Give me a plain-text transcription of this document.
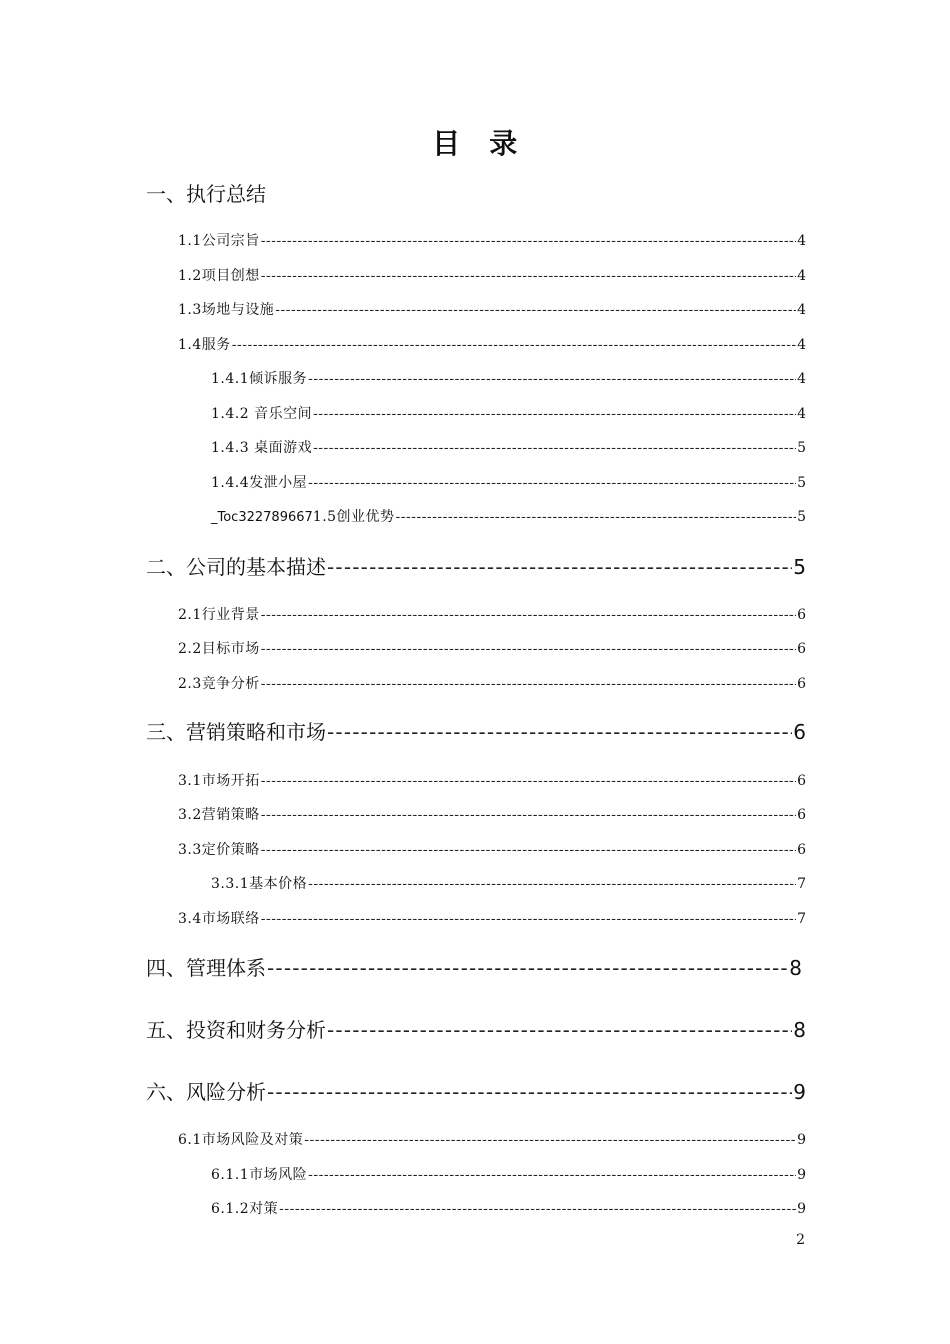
目　录
一、执行总结
1.1公司宗旨 -----	4
1.2项目创想 -----	4
1.3场地与设施 -----	4
1.4服务 -----	4
1.4.1倾诉服务 -----	4
1.4.2 音乐空间 -----	4
1.4.3 桌面游戏 -----	5
1.4.4发泄小屋 -----	5
_Toc3227896671.5创业优势 -----	5
二、公司的基本描述 -----	5
2.1行业背景 -----	6
2.2目标市场 -----	6
2.3竞争分析 -----	6
三、营销策略和市场 -----	6
3.1市场开拓 -----	6
3.2营销策略 -----	6
3.3定价策略 -----	6
3.3.1基本价格 -----	7
3.4市场联络 -----	7
四、管理体系 -----	8
五、投资和财务分析 -----	8
六、风险分析 -----	9
6.1市场风险及对策 -----	9
6.1.1市场风险 -----	9
6.1.2对策 -----	9
2
